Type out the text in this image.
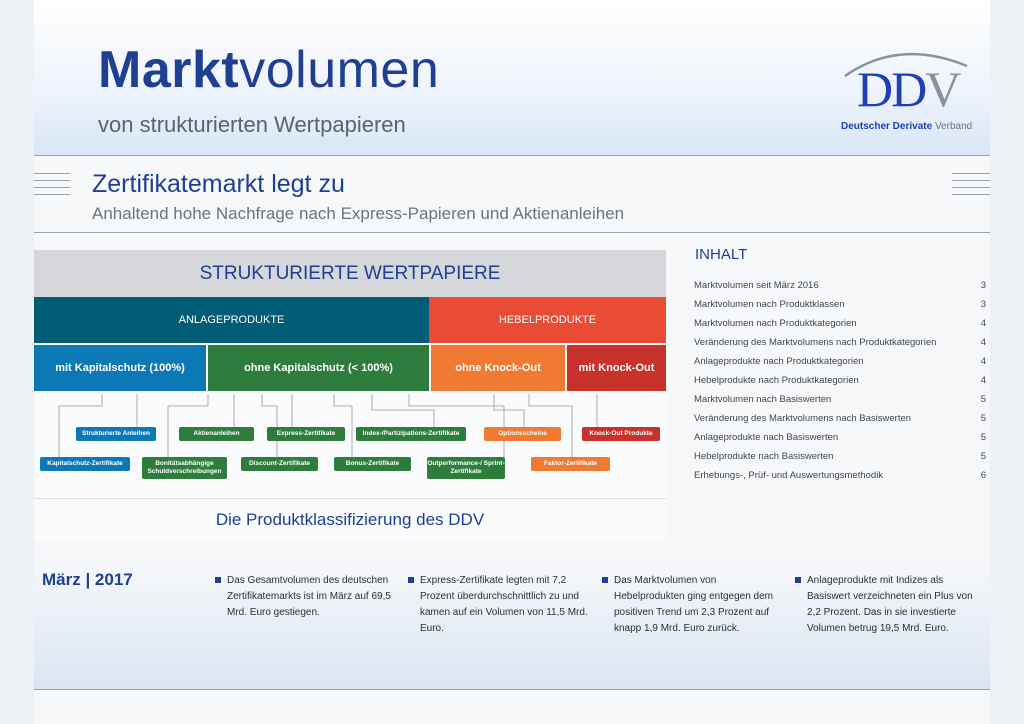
Marktvolumen
von strukturierten Wertpapieren
DDV
Deutscher Derivate Verband
Zertifikatemarkt legt zu
Anhaltend hohe Nachfrage nach Express-Papieren und Aktienanleihen
STRUKTURIERTE WERTPAPIERE
ANLAGEPRODUKTE	HEBELPRODUKTE
mit Kapitalschutz (100%)	ohne Kapitalschutz (< 100%)	ohne Knock-Out	mit Knock-Out
Strukturierte Anleihen	Aktienanleihen	Express-Zertifikate	Index-/Partizipations-Zertifikate	Optionsscheine	Knock-Out Produkte
Kapitalschutz-Zertifikate	Bonitätsabhängige Schuldverschreibungen
Discount-Zertifikate	Bonus-Zertifikate	Outperformance-/ Sprint-Zertifikate
Faktor-Zertifikate
Die Produktklassifizierung des DDV
INHALT
Marktvolumen seit März 2016	3
Marktvolumen nach Produktklassen	3
Marktvolumen nach Produktkategorien	4
Veränderung des Marktvolumens nach Produktkategorien	4
Anlageprodukte nach Produktkategorien	4
Hebelprodukte nach Produktkategorien	4
Marktvolumen nach Basiswerten	5
Veränderung des Marktvolumens nach Basiswerten	5
Anlageprodukte nach Basiswerten	5
Hebelprodukte nach Basiswerten	5
Erhebungs-, Prüf- und Auswertungsmethodik	6
März | 2017	Das Gesamtvolumen des deutschen Zertifikatemarkts ist im März auf 69,5 Mrd. Euro gestiegen.
Express-Zertifikate legten mit 7,2 Prozent überdurchschnittlich zu und kamen auf ein Volumen von 11,5 Mrd. Euro.
Das Marktvolumen von Hebelprodukten ging entgegen dem positiven Trend um 2,3 Prozent auf knapp 1,9 Mrd. Euro zurück.
Anlageprodukte mit Indizes als Basiswert verzeichneten ein Plus von 2,2 Prozent. Das in sie investierte Volumen betrug 19,5 Mrd. Euro.
